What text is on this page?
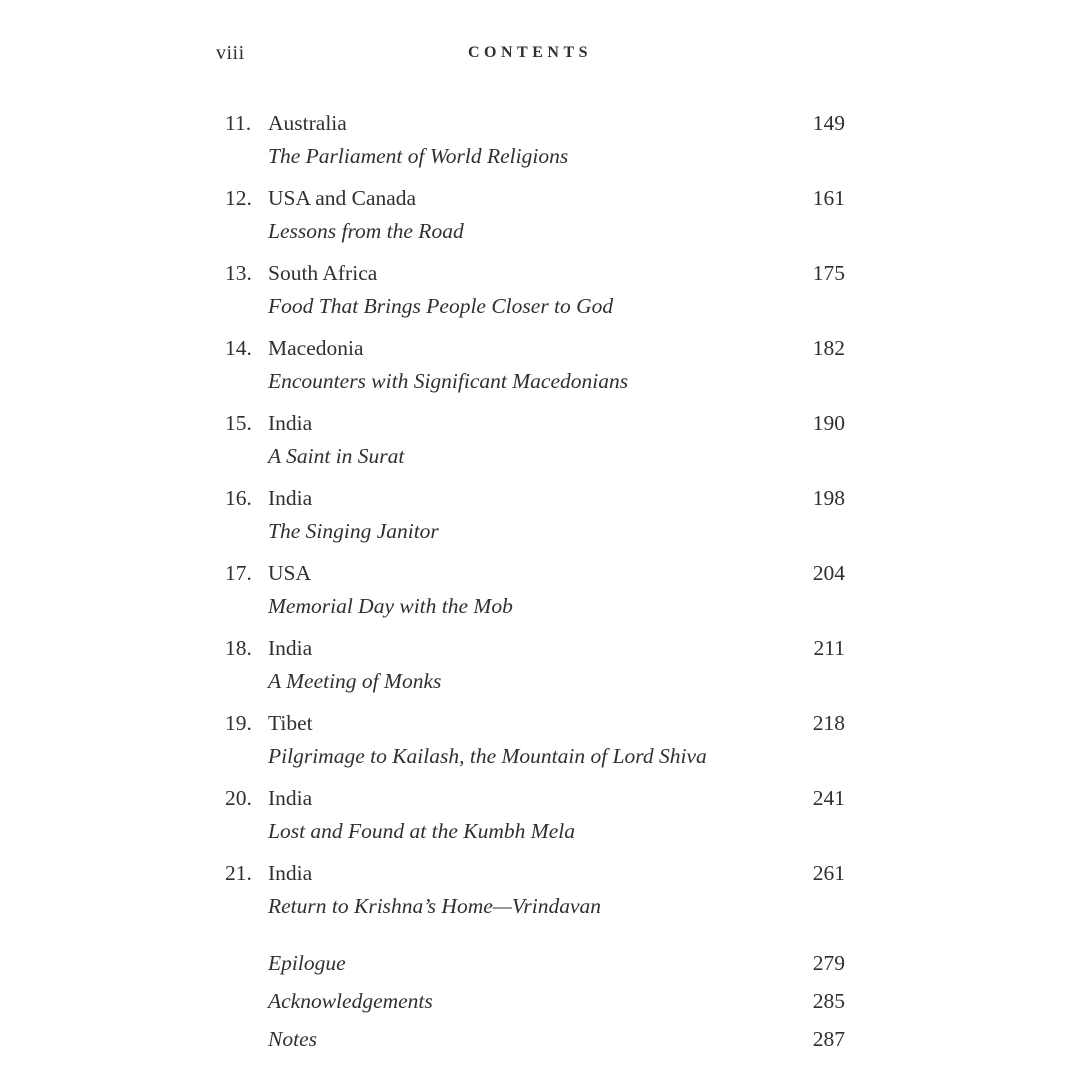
viii	CONTENTS
11. Australia	149
The Parliament of World Religions
12. USA and Canada	161
Lessons from the Road
13. South Africa	175
Food That Brings People Closer to God
14. Macedonia	182
Encounters with Significant Macedonians
15. India	190
A Saint in Surat
16. India	198
The Singing Janitor
17. USA	204
Memorial Day with the Mob
18. India	211
A Meeting of Monks
19. Tibet	218
Pilgrimage to Kailash, the Mountain of Lord Shiva
20. India	241
Lost and Found at the Kumbh Mela
21. India	261
Return to Krishna’s Home—Vrindavan
Epilogue	279
Acknowledgements	285
Notes	287
